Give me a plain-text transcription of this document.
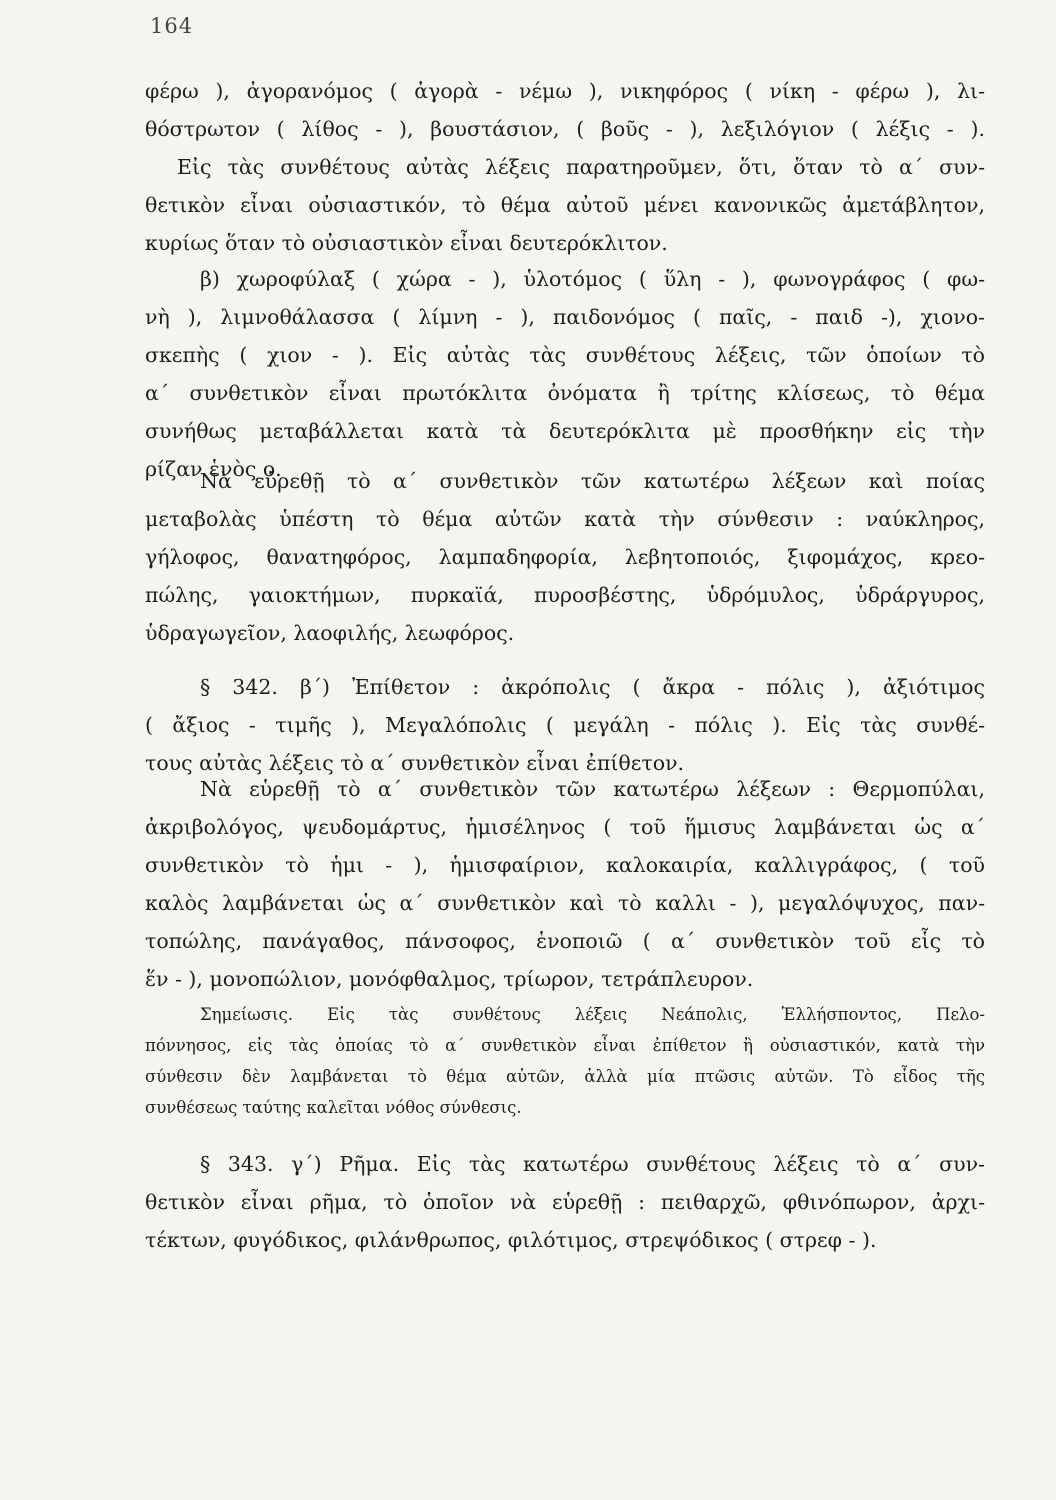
164
φέρω ), ἀγορανόμος ( ἀγορὰ - νέμω ), νικηφόρος ( νίκη - φέρω ), λι-
θόστρωτον ( λίθος - ), βουστάσιον, ( βοῦς - ), λεξιλόγιον ( λέξις - ).
Εἰς τὰς συνθέτους αὐτὰς λέξεις παρατηροῦμεν, ὅτι, ὅταν τὸ α΄ συν-
θετικὸν εἶναι οὐσιαστικόν, τὸ θέμα αὐτοῦ μένει κανονικῶς ἀμετάβλητον,
κυρίως ὅταν τὸ οὐσιαστικὸν εἶναι δευτερόκλιτον.
β) χωροφύλαξ ( χώρα - ), ὑλοτόμος ( ὕλη - ), φωνογράφος ( φω-
νὴ ), λιμνοθάλασσα ( λίμνη - ), παιδονόμος ( παῖς, - παιδ -), χιονο-
σκεπὴς ( χιον - ). Εἰς αὐτὰς τὰς συνθέτους λέξεις, τῶν ὁποίων τὸ
α΄ συνθετικὸν εἶναι πρωτόκλιτα ὀνόματα ἢ τρίτης κλίσεως, τὸ θέμα
συνήθως μεταβάλλεται κατὰ τὰ δευτερόκλιτα μὲ προσθήκην εἰς τὴν
ρίζαν ἑνὸς ο.
Νὰ εὑρεθῇ τὸ α΄ συνθετικὸν τῶν κατωτέρω λέξεων καὶ ποίας
μεταβολὰς ὑπέστη τὸ θέμα αὐτῶν κατὰ τὴν σύνθεσιν : ναύκληρος,
γήλοφος, θανατηφόρος, λαμπαδηφορία, λεβητοποιός, ξιφομάχος, κρεο-
πώλης, γαιοκτήμων, πυρκαϊά, πυροσβέστης, ὑδρόμυλος, ὑδράργυρος,
ὑδραγωγεῖον, λαοφιλής, λεωφόρος.
§ 342. β΄) Ἐπίθετον : ἀκρόπολις ( ἄκρα - πόλις ), ἀξιότιμος
( ἄξιος - τιμῆς ), Μεγαλόπολις ( μεγάλη - πόλις ). Εἰς τὰς συνθέ-
τους αὐτὰς λέξεις τὸ α΄ συνθετικὸν εἶναι ἐπίθετον.
Νὰ εὑρεθῇ τὸ α΄ συνθετικὸν τῶν κατωτέρω λέξεων : Θερμοπύλαι,
ἀκριβολόγος, ψευδομάρτυς, ἡμισέληνος ( τοῦ ἥμισυς λαμβάνεται ὡς α΄
συνθετικὸν τὸ ἡμι - ), ἡμισφαίριον, καλοκαιρία, καλλιγράφος, ( τοῦ
καλὸς λαμβάνεται ὡς α΄ συνθετικὸν καὶ τὸ καλλι - ), μεγαλόψυχος, παν-
τοπώλης, πανάγαθος, πάνσοφος, ἑνοποιῶ ( α΄ συνθετικὸν τοῦ εἷς τὸ
ἕν - ), μονοπώλιον, μονόφθαλμος, τρίωρον, τετράπλευρον.
Σημείωσις. Εἰς τὰς συνθέτους λέξεις Νεάπολις, Ἑλλήσποντος, Πελο-
πόννησος, εἰς τὰς ὁποίας τὸ α΄ συνθετικὸν εἶναι ἐπίθετον ἢ οὐσιαστικόν, κατὰ τὴν
σύνθεσιν δὲν λαμβάνεται τὸ θέμα αὐτῶν, ἀλλὰ μία πτῶσις αὐτῶν. Τὸ εἶδος τῆς
συνθέσεως ταύτης καλεῖται νόθος σύνθεσις.
§ 343. γ΄) Ρῆμα. Εἰς τὰς κατωτέρω συνθέτους λέξεις τὸ α΄ συν-
θετικὸν εἶναι ρῆμα, τὸ ὁποῖον νὰ εὑρεθῇ : πειθαρχῶ, φθινόπωρον, ἀρχι-
τέκτων, φυγόδικος, φιλάνθρωπος, φιλότιμος, στρεψόδικος ( στρεφ - ).
